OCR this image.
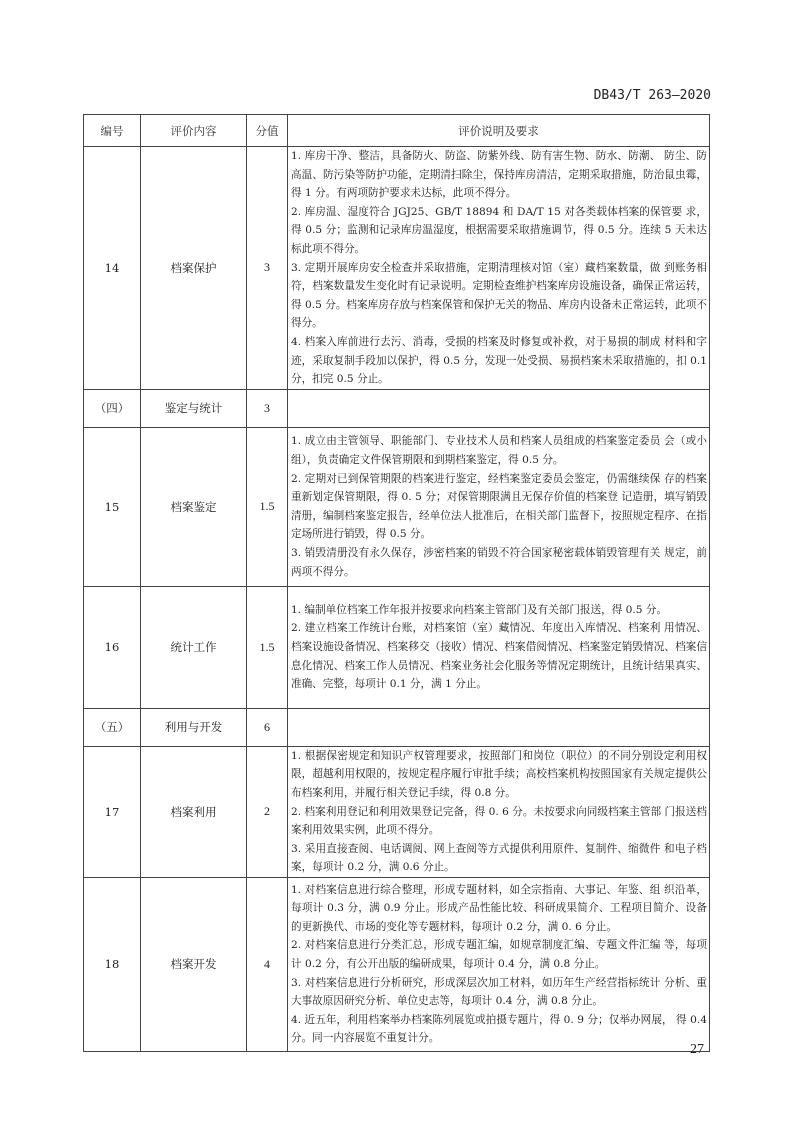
DB43/T 263—2020
编号	评价内容	分值	评价说明及要求
14	档案保护	3	1. 库房干净、整洁，具备防火、防盗、防紫外线、防有害生物、防水、防潮、 防尘、防高温、防污染等防护功能，定期清扫除尘，保持库房清洁，定期采取措施，防治鼠虫霉，得 1 分。有两项防护要求未达标，此项不得分。
2. 库房温、湿度符合 JGJ25、GB/T 18894 和 DA/T 15 对各类载体档案的保管要 求，得 0.5 分；监测和记录库房温湿度，根据需要采取措施调节，得 0.5 分。连续 5 天未达标此项不得分。
3. 定期开展库房安全检查并采取措施，定期清理核对馆（室）藏档案数量，做 到账务相符，档案数量发生变化时有记录说明。定期检查维护档案库房设施设备，确保正常运转，得 0.5 分。档案库房存放与档案保管和保护无关的物品、库房内设备未正常运转，此项不得分。
4. 档案入库前进行去污、消毒，受损的档案及时修复或补救，对于易损的制成 材料和字迹，采取复制手段加以保护，得 0.5 分，发现一处受损、易损档案未采取措施的，扣 0.1 分，扣完 0.5 分止。

（四）	鉴定与统计	3	
15	档案鉴定	1.5	1. 成立由主管领导、职能部门、专业技术人员和档案人员组成的档案鉴定委员 会（或小组），负责确定文件保管期限和到期档案鉴定，得 0.5 分。
2. 定期对已到保管期限的档案进行鉴定，经档案鉴定委员会鉴定，仍需继续保 存的档案重新划定保管期限，得 0. 5 分；对保管期限满且无保存价值的档案登 记造册，填写销毁清册，编制档案鉴定报告，经单位法人批准后，在相关部门监督下，按照规定程序、在指定场所进行销毁，得 0.5 分。
3. 销毁清册没有永久保存，涉密档案的销毁不符合国家秘密载体销毁管理有关 规定，前两项不得分。

16	统计工作	1.5	1. 编制单位档案工作年报并按要求向档案主管部门及有关部门报送，得 0.5 分。
2. 建立档案工作统计台账，对档案馆（室）藏情况、年度出入库情况、档案利 用情况、档案设施设备情况、档案移交（接收）情况、档案借阅情况、档案鉴定销毁情况、档案信息化情况、档案工作人员情况、档案业务社会化服务等情况定期统计，且统计结果真实、准确、完整，每项计 0.1 分，满 1 分止。

（五）	利用与开发	6	
17	档案利用	2	1. 根据保密规定和知识产权管理要求，按照部门和岗位（职位）的不同分别设定利用权限，超越利用权限的，按规定程序履行审批手续；高校档案机构按照国家有关规定提供公布档案利用，并履行相关登记手续，得 0.8 分。
2. 档案利用登记和利用效果登记完备，得 0. 6 分。未按要求向同级档案主管部 门报送档案利用效果实例，此项不得分。
3. 采用直接查阅、电话调阅、网上查阅等方式提供利用原件、复制件、缩微件 和电子档案，每项计 0.2 分，满 0.6 分止。

18	档案开发	4	1. 对档案信息进行综合整理，形成专题材料，如全宗指南、大事记、年鉴、组 织沿革，每项计 0.3 分，满 0.9 分止。形成产品性能比较、科研成果简介、工程项目简介、设备的更新换代、市场的变化等专题材料，每项计 0.2 分，满 0. 6 分止。
2. 对档案信息进行分类汇总，形成专题汇编，如规章制度汇编、专题文件汇编 等，每项计 0.2 分，有公开出版的编研成果，每项计 0.4 分，满 0.8 分止。
3. 对档案信息进行分析研究，形成深层次加工材料，如历年生产经营指标统计 分析、重大事故原因研究分析、单位史志等，每项计 0.4 分，满 0.8 分止。
4. 近五年，利用档案举办档案陈列展览或拍摄专题片，得 0. 9 分；仅举办网展， 得 0.4 分。同一内容展览不重复计分。
27
